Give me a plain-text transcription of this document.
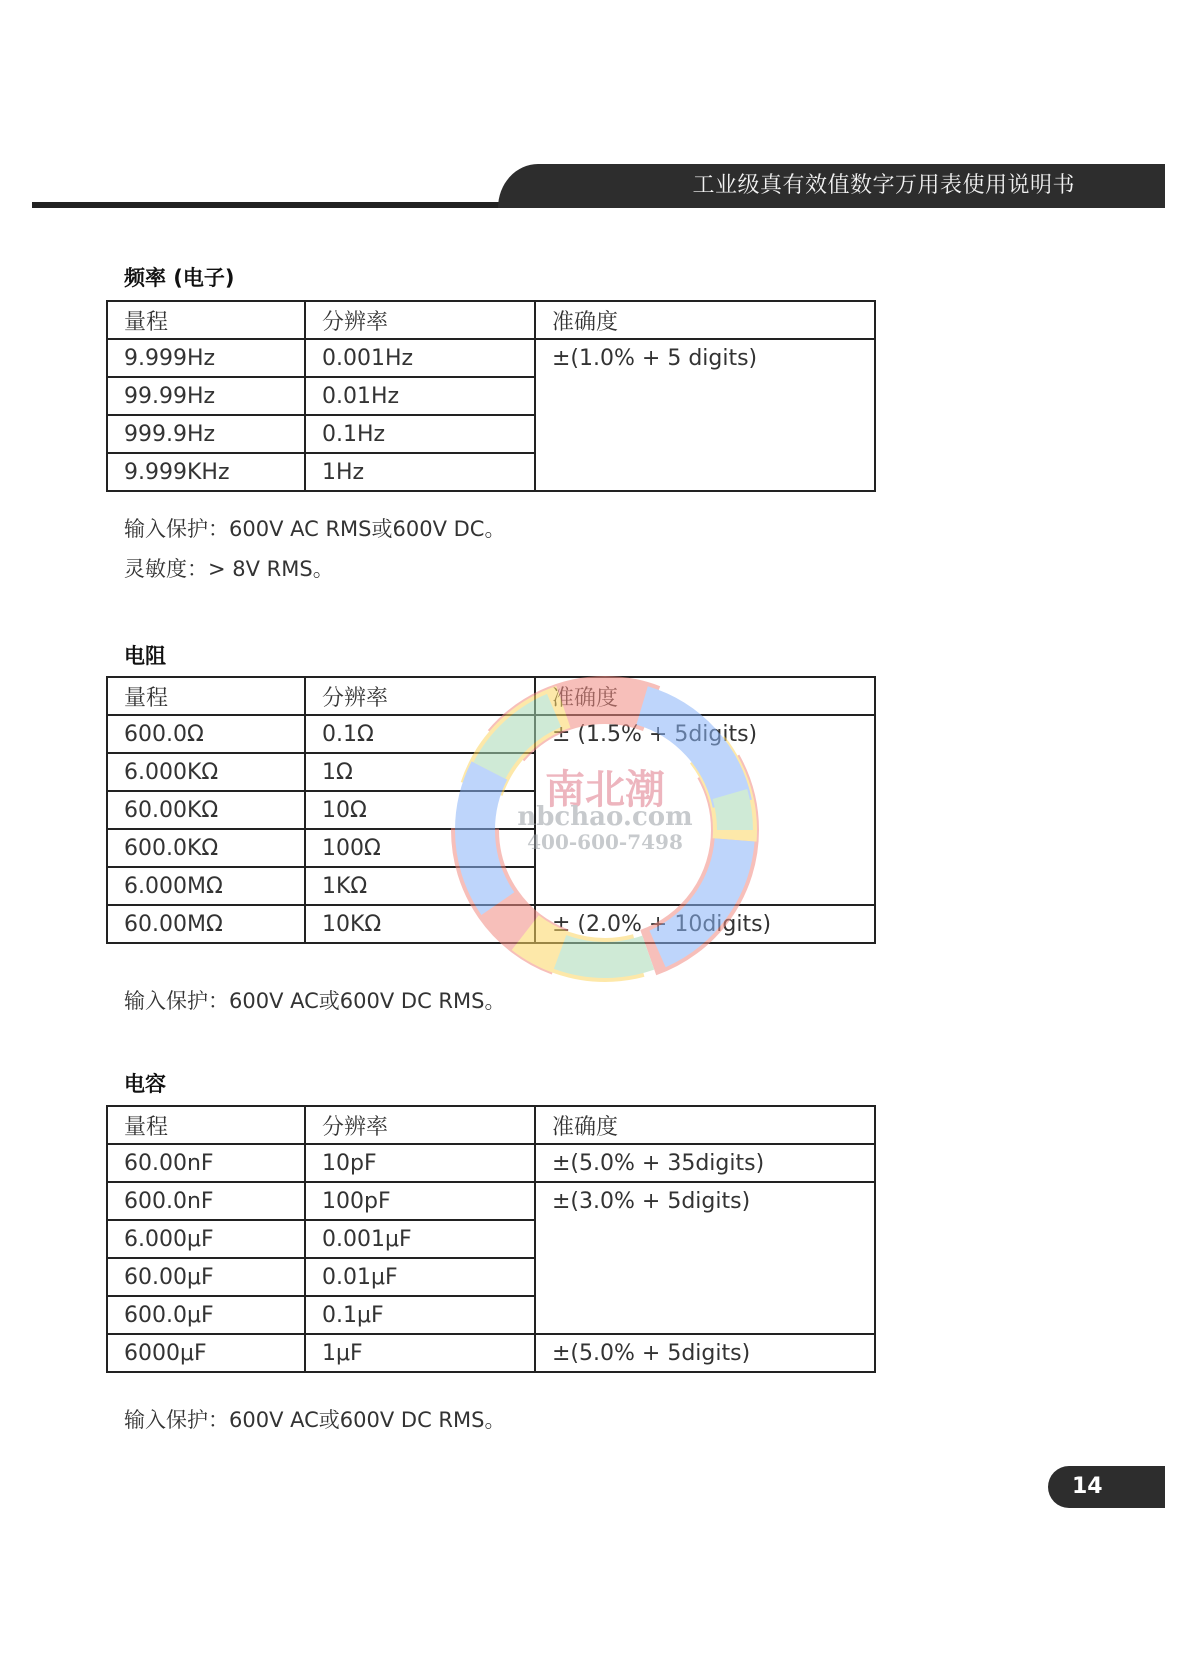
工业级真有效值数字万用表使用说明书
频率 (电子)
量程	分辨率	准确度
9.999Hz	0.001Hz	±(1.0% + 5 digits)
99.99Hz	0.01Hz	
999.9Hz	0.1Hz	
9.999KHz	1Hz	
输入保护：600V AC RMS或600V DC。
灵敏度：> 8V RMS。
电阻
量程	分辨率	准确度
600.0Ω	0.1Ω	± (1.5% + 5digits)
6.000KΩ	1Ω	
60.00KΩ	10Ω	
600.0KΩ	100Ω	
6.000MΩ	1KΩ	
60.00MΩ	10KΩ	± (2.0% + 10digits)
输入保护：600V AC或600V DC RMS。
电容
量程	分辨率	准确度
60.00nF	10pF	±(5.0% + 35digits)
600.0nF	100pF	±(3.0% + 5digits)
6.000μF	0.001μF	
60.00μF	0.01μF	
600.0μF	0.1μF	
6000μF	1μF	±(5.0% + 5digits)
输入保护：600V AC或600V DC RMS。
南北潮
nbchao.com
400-600-7498
14
